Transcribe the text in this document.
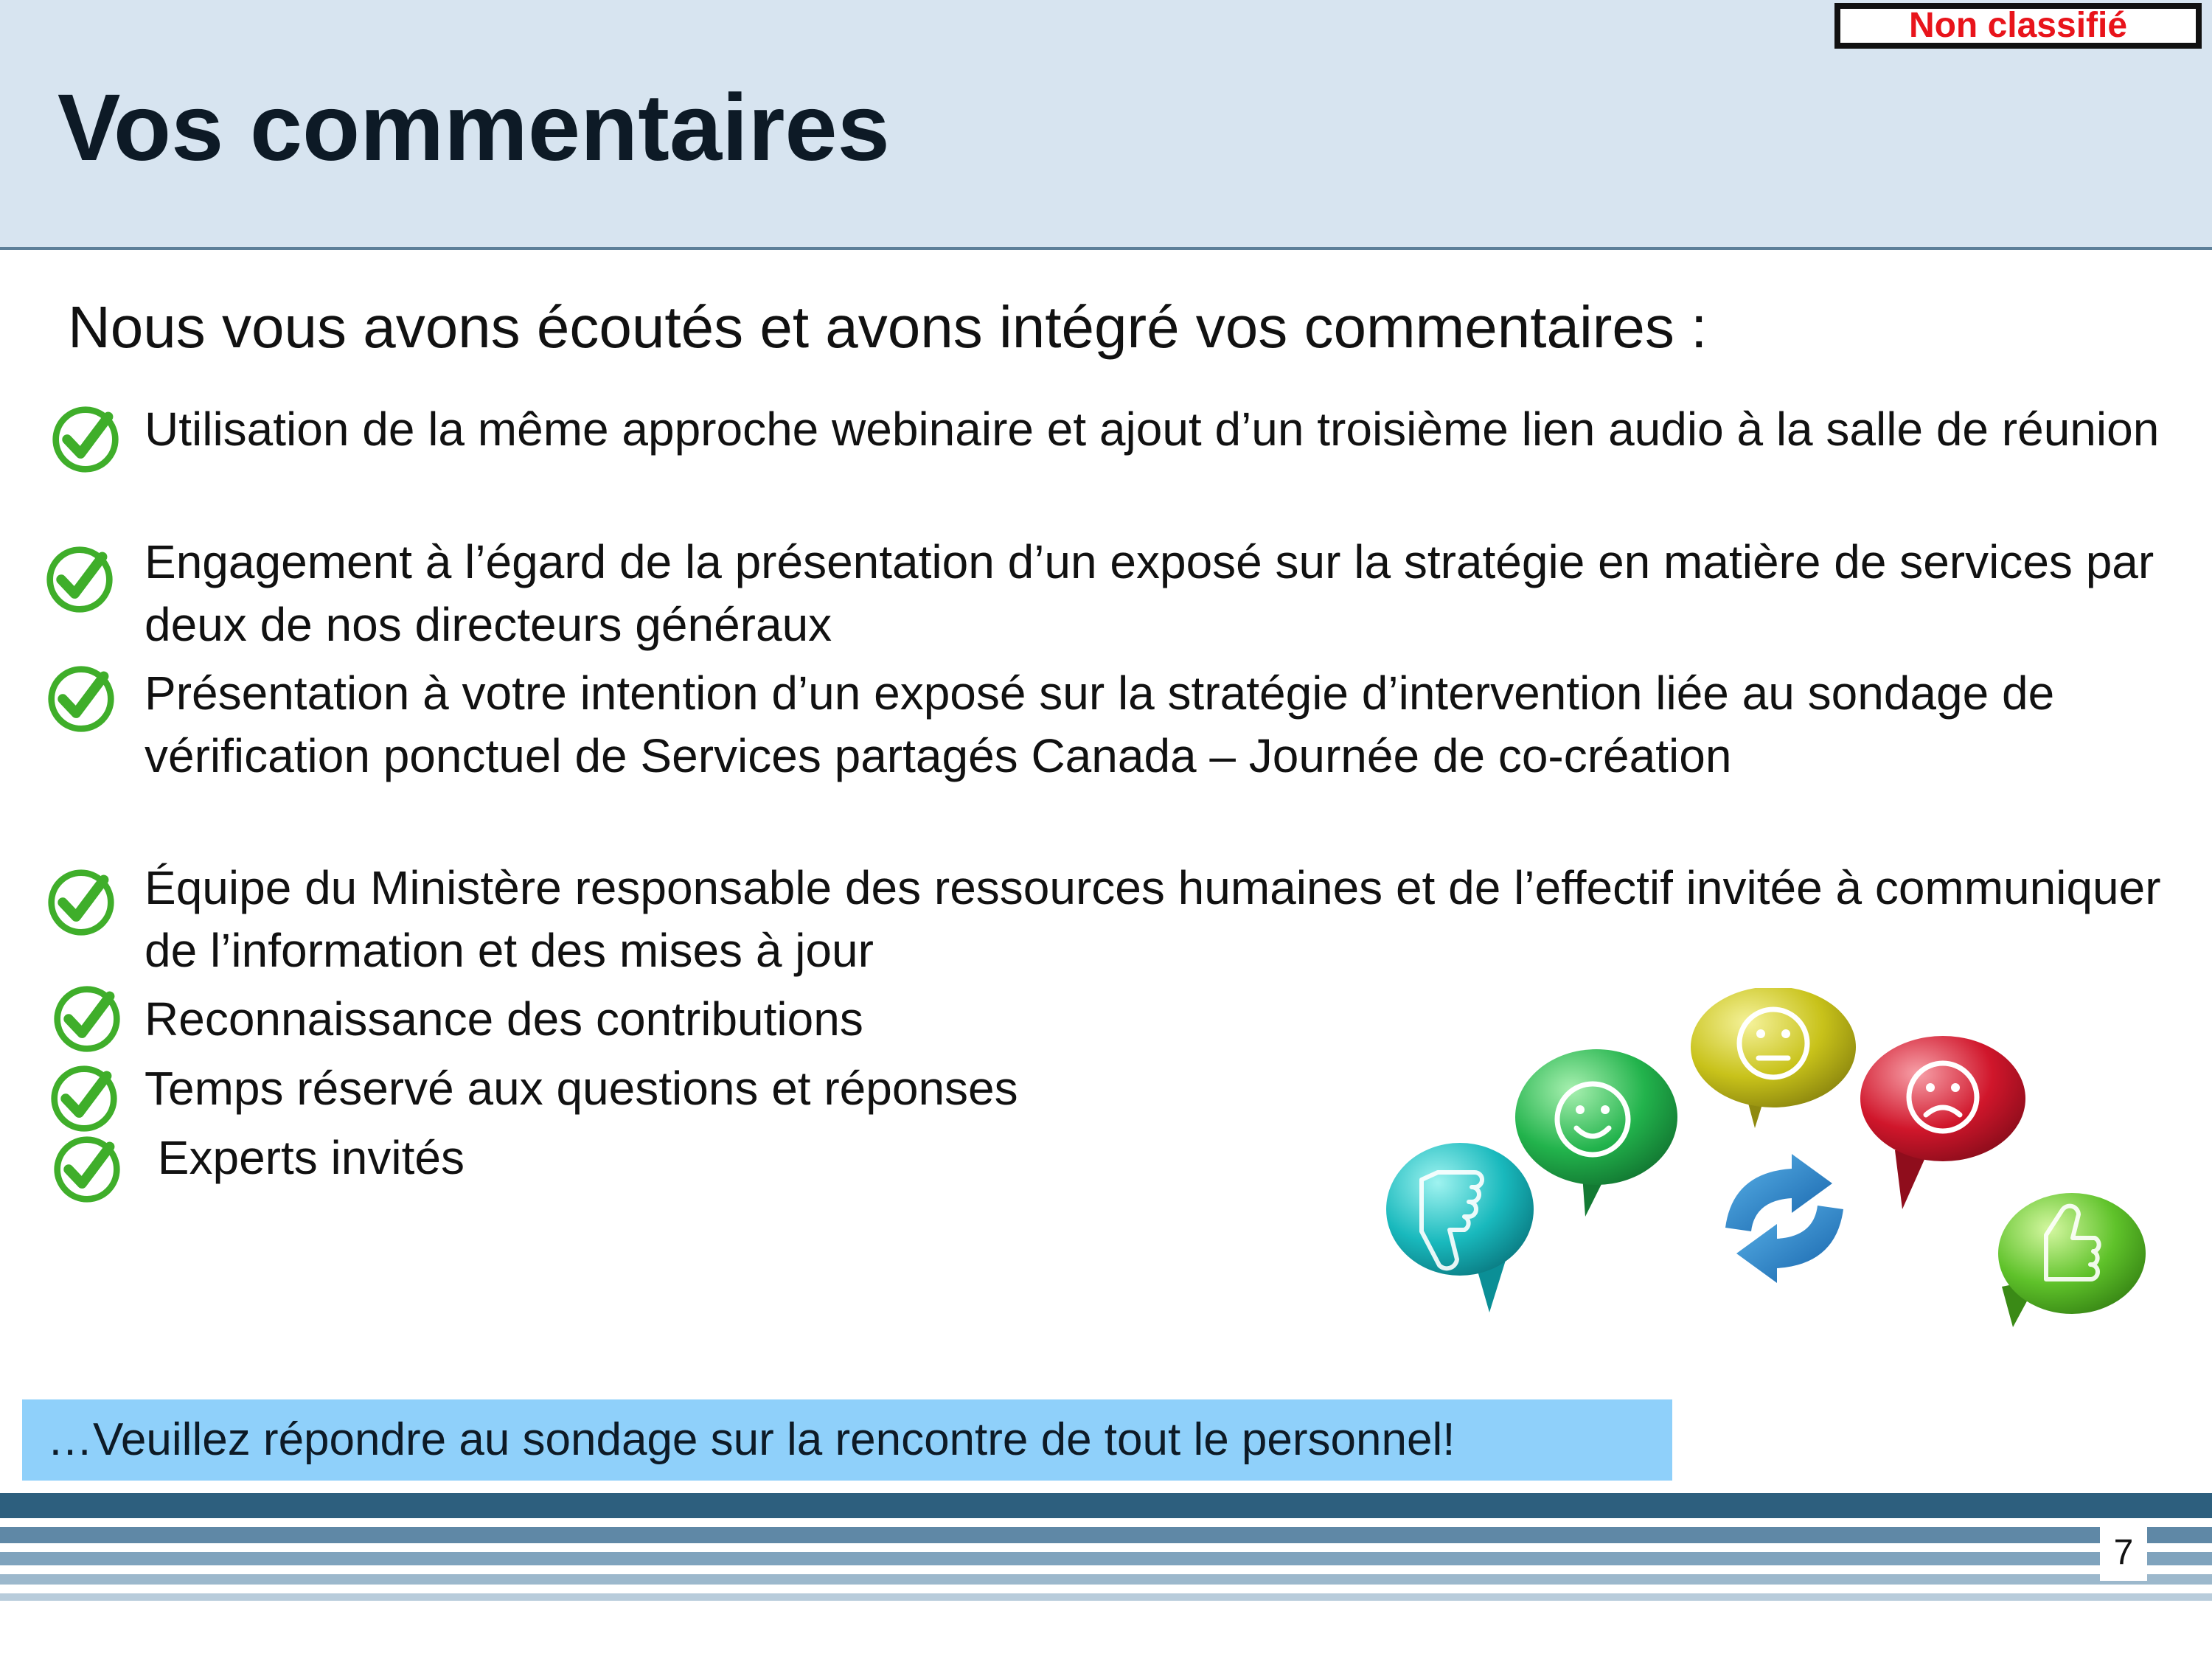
Vos commentaires
Non classifié
Nous vous avons écoutés et avons intégré vos commentaires :
Utilisation de la même approche webinaire et ajout d’un troisième lien audio à la salle de réunion
Engagement à l’égard de la présentation d’un exposé sur la stratégie en matière de services par deux de nos directeurs généraux
Présentation à votre intention d’un exposé sur la stratégie d’intervention liée au sondage de vérification ponctuel de Services partagés Canada – Journée de co-création
Équipe du Ministère responsable des ressources humaines et de l’effectif invitée à communiquer de l’information et des mises à jour
Reconnaissance des contributions
Temps réservé aux questions et réponses
Experts invités
…Veuillez répondre au sondage sur la rencontre de tout le personnel!
7
